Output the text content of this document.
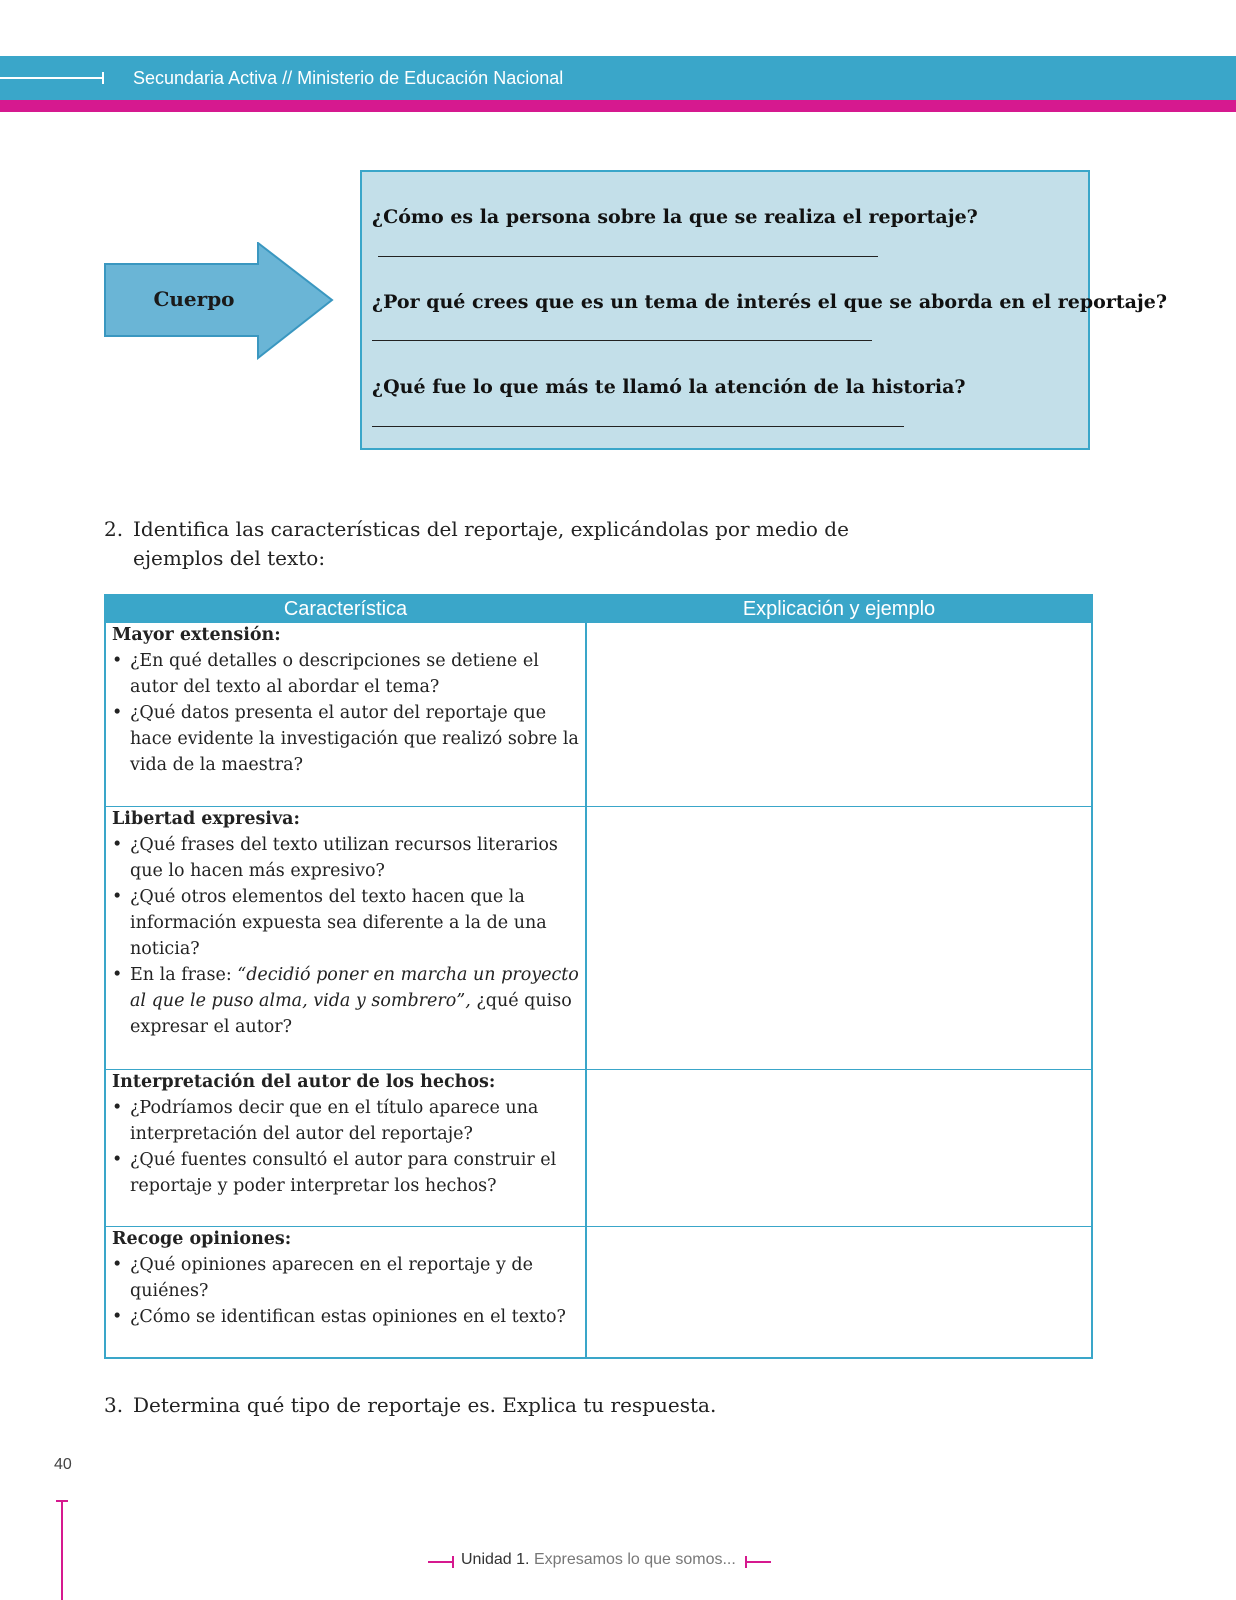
Secundaria Activa // Ministerio de Educación Nacional
Cuerpo
¿Cómo es la persona sobre la que se realiza el reportaje?
¿Por qué crees que es un tema de interés el que se aborda en el reportaje?
¿Qué fue lo que más te llamó la atención de la historia?
2. Identifica las características del reportaje, explicándolas por medio de
ejemplos del texto:
Característica	Explicación y ejemplo
Mayor extensión:
• ¿En qué detalles o descripciones se detiene el autor del texto al abordar el tema?
• ¿Qué datos presenta el autor del reportaje que hace evidente la investigación que realizó sobre la vida de la maestra?
Libertad expresiva:
• ¿Qué frases del texto utilizan recursos literarios que lo hacen más expresivo?
• ¿Qué otros elementos del texto hacen que la información expuesta sea diferente a la de una noticia?
• En la frase: “decidió poner en marcha un proyecto al que le puso alma, vida y sombrero”, ¿qué quiso expresar el autor?
Interpretación del autor de los hechos:
• ¿Podríamos decir que en el título aparece una interpretación del autor del reportaje?
• ¿Qué fuentes consultó el autor para construir el reportaje y poder interpretar los hechos?
Recoge opiniones:
• ¿Qué opiniones aparecen en el reportaje y de quiénes?
• ¿Cómo se identifican estas opiniones en el texto?
3. Determina qué tipo de reportaje es. Explica tu respuesta.
40
Unidad 1. Expresamos lo que somos...
